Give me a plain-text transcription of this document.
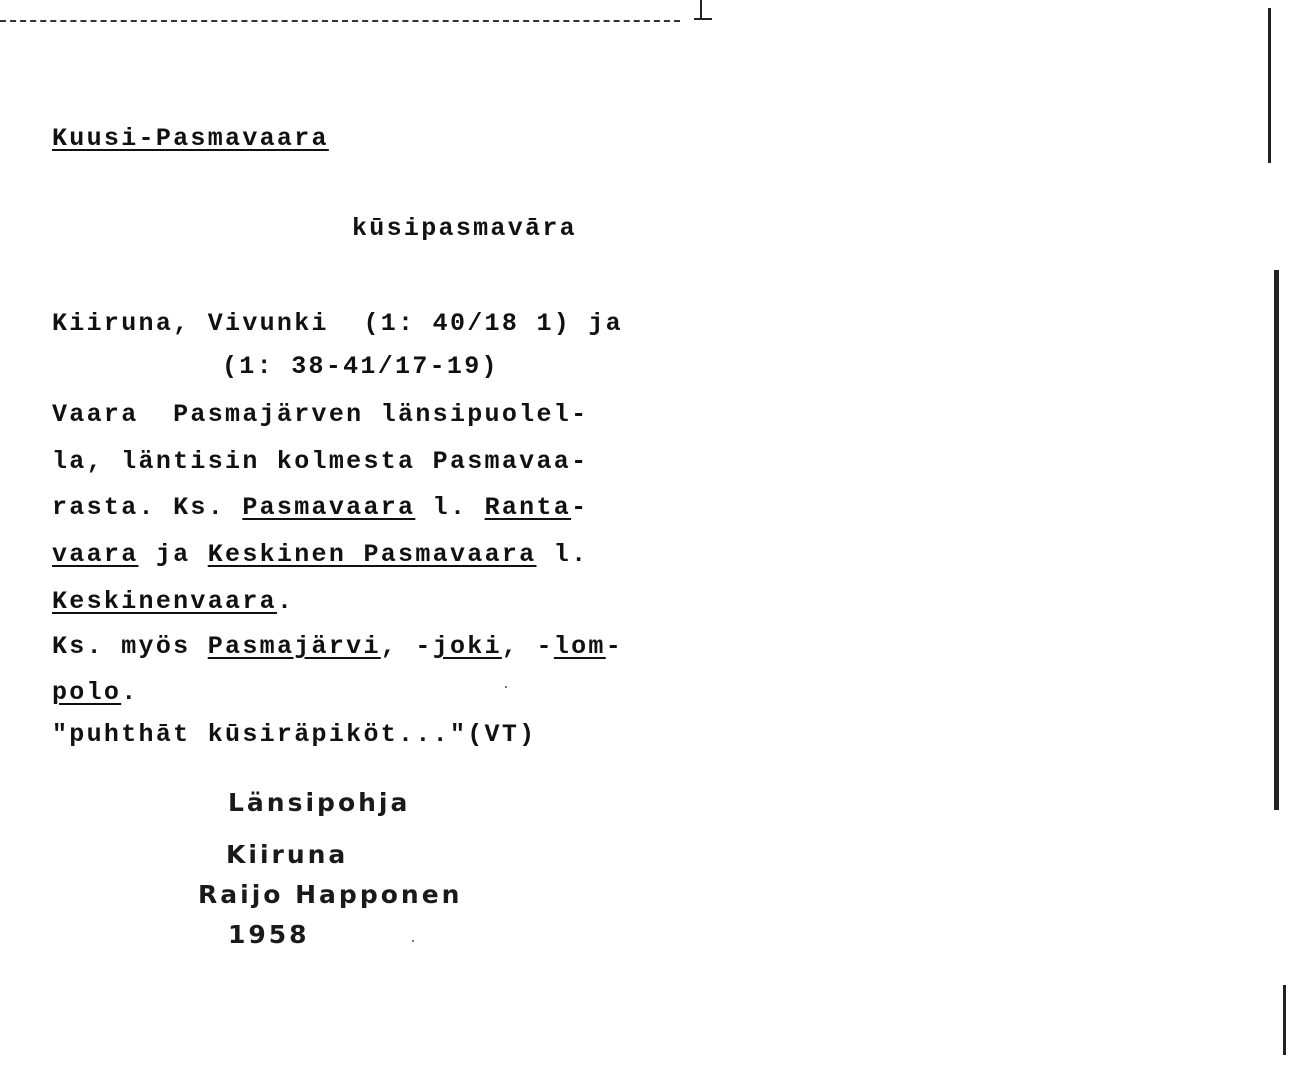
Kuusi-Pasmavaara
kūsipasmavāra
Kiiruna, Vivunki  (1: 40/18 1) ja
(1: 38-41/17-19)
Vaara  Pasmajärven länsipuolel-
la, läntisin kolmesta Pasmavaa-
rasta. Ks. Pasmavaara l. Ranta-
vaara ja Keskinen Pasmavaara l.
Keskinenvaara.
Ks. myös Pasmajärvi, -joki, -lom-
polo.
"puhthāt kūsiräpiköt..."(VT)
Länsipohja
Kiiruna
Raijo Happonen
1958
